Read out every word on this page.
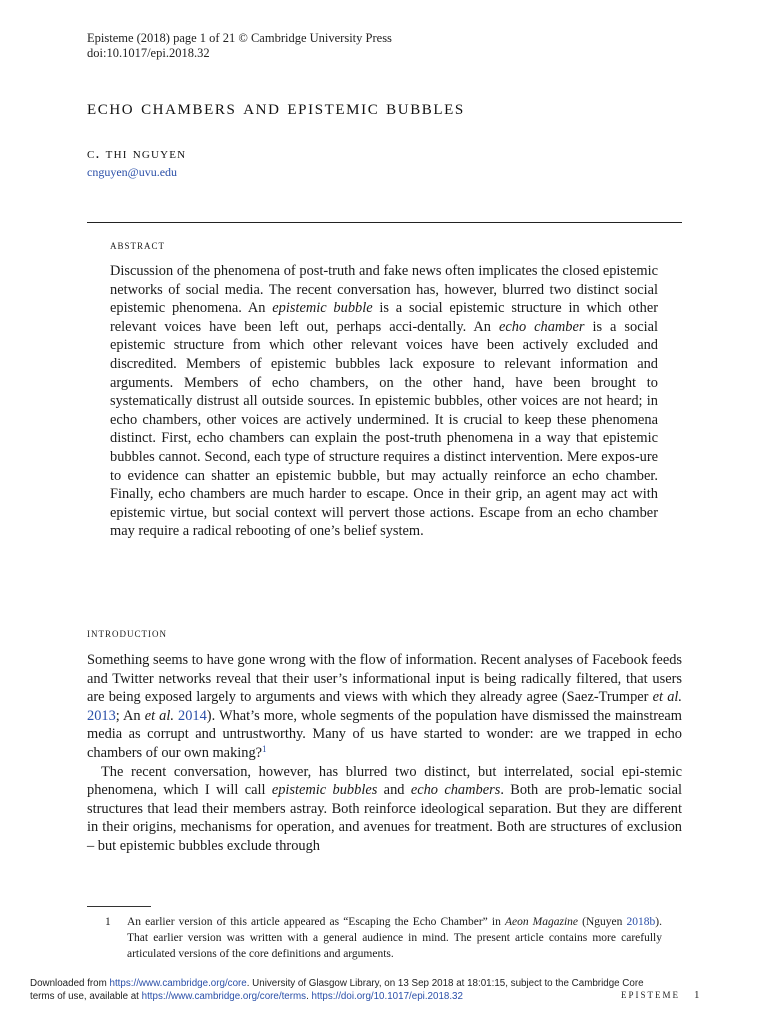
Episteme (2018) page 1 of 21 © Cambridge University Press
doi:10.1017/epi.2018.32
echo chambers and epistemic bubbles
c. thi nguyen
cnguyen@uvu.edu
abstract
Discussion of the phenomena of post-truth and fake news often implicates the closed epistemic networks of social media. The recent conversation has, however, blurred two distinct social epistemic phenomena. An epistemic bubble is a social epistemic structure in which other relevant voices have been left out, perhaps acci-dentally. An echo chamber is a social epistemic structure from which other relevant voices have been actively excluded and discredited. Members of epistemic bubbles lack exposure to relevant information and arguments. Members of echo chambers, on the other hand, have been brought to systematically distrust all outside sources. In epistemic bubbles, other voices are not heard; in echo chambers, other voices are actively undermined. It is crucial to keep these phenomena distinct. First, echo chambers can explain the post-truth phenomena in a way that epistemic bubbles cannot. Second, each type of structure requires a distinct intervention. Mere expos-ure to evidence can shatter an epistemic bubble, but may actually reinforce an echo chamber. Finally, echo chambers are much harder to escape. Once in their grip, an agent may act with epistemic virtue, but social context will pervert those actions. Escape from an echo chamber may require a radical rebooting of one’s belief system.
introduction

Something seems to have gone wrong with the flow of information. Recent analyses of Facebook feeds and Twitter networks reveal that their user’s informational input is being radically filtered, that users are being exposed largely to arguments and views with which they already agree (Saez-Trumper et al. 2013; An et al. 2014). What’s more, whole segments of the population have dismissed the mainstream media as corrupt and untrustworthy. Many of us have started to wonder: are we trapped in echo chambers of our own making?$^1$

The recent conversation, however, has blurred two distinct, but interrelated, social epi-stemic phenomena, which I will call epistemic bubbles and echo chambers. Both are prob-lematic social structures that lead their members astray. Both reinforce ideological separation. But they are different in their origins, mechanisms for operation, and avenues for treatment. Both are structures of exclusion – but epistemic bubbles exclude through

1 An earlier version of this article appeared as “Escaping the Echo Chamber” in Aeon Magazine (Nguyen 2018b). That earlier version was written with a general audience in mind. The present article contains more carefully articulated versions of the core definitions and arguments.
Downloaded from https://www.cambridge.org/core. University of Glasgow Library, on 13 Sep 2018 at 18:01:15, subject to the Cambridge Core
terms of use, available at https://www.cambridge.org/core/terms. https://doi.org/10.1017/epi.2018.32	EPISTEME 1
